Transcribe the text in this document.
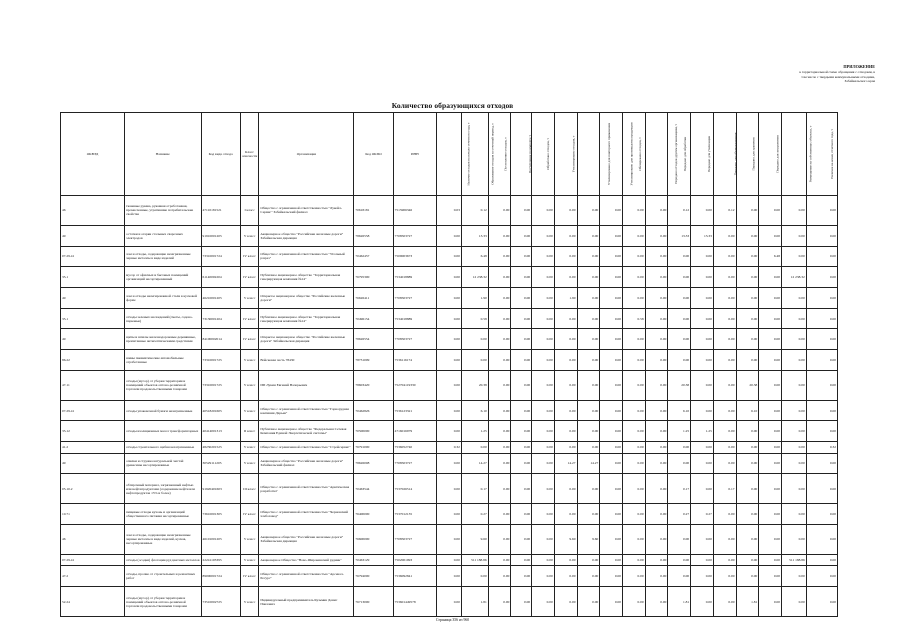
ПРИЛОЖЕНИЕ
к территориальной схеме обращения с отходами, в
том числе с твердыми коммунальными отходами,
Забайкальского края
Количество образующихся отходов
ОКВЭД	Название	Код вида отхода	Класс опасности	Организация	Код ОКПО	ИНН	Наличие отходов на начало отчетного года, т	Образование отходов за отчетный период, т	Поступление отходов, т	Поступление по импорту, т	Обработано отходов, т	Утилизировано отходов, т	Утилизировано для повторного применения	Утилизировано для производства продукции	Обезврежено отходов, т	Передано отходов другим организациям, т	Передано для обработки	Передано для утилизации	Передано для обезвреживания	Передано для хранения	Передано для захоронения	Размещение на собственных объектах, т	Наличие на конец отчетного года, т
46	тканевые рукава, рукавная отработанная, промасленные, утратившие потребительские свойства	47110181521	I класс	Общество с ограниченной ответственностью "Лукойл-Сервис" Забайкальский филиал	70618181	7515906346	0.03	0.12	0.00	0.00	0.00	0.00	0.00	0.00	0.00	0.00	0.12	0.00	0.12	0.00	0.00	0.00	0.00
49	остатки и огарки стальных сварочных электродов	91910001205	V класс	Акционерное общество "Российские железные дороги" Забайкальская дирекция	78626558	7708503727	0.00	13.33	0.00	0.00	0.00	0.00	0.00	0.00	0.00	0.00	13.33	13.33	0.00	0.00	0.00	0.00	0.00
07.29.41	лом и отходы, содержащие незагрязненные черные металлы в виде изделий	73310001724	IV класс	Общество с ограниченной ответственностью "Угольный разрез"	70462457	7509003673	0.00	6.48	0.00	0.00	0.00	0.00	0.00	0.00	0.00	0.00	0.00	0.00	0.00	0.00	6.48	0.00	0.00
35.1	мусор от офисных и бытовых помещений организаций несортированный	61140002204	IV класс	Публичное акционерное общество "Территориальная генерирующая компания №14"	76795300	7534018889	0.00	12 238.32	0.00	0.00	0.00	0.00	0.00	0.00	0.00	0.00	0.00	0.00	0.00	0.00	0.00	12 238.32	0.00
49	лом и отходы нелегированной стали в кусковой форме	46210001205	V класс	Открытое акционерное общество "Российские железные дороги"	76626411	7708503727	0.00	1.90	0.00	0.00	0.00	1.90	0.00	0.00	0.00	0.00	0.00	0.00	0.00	0.00	0.00	0.00	0.00
35.1	отходы зеленых насаждений (сметы, садово-парковые)	73130001204	IV класс	Публичное акционерное общество "Территориальная генерирующая компания №14"	70496154	7534018889	0.00	0.58	0.00	0.00	0.00	0.00	0.00	0.00	0.58	0.00	0.00	0.00	0.00	0.00	0.00	0.00	0.00
49	щиты и шпалы железнодорожные деревянные, пропитанные антисептическими средствами	84100002014	IV класс	Открытое акционерное общество "Российские железные дороги" Забайкальская дирекция	78626554	7708503727	0.00	0.00	0.00	0.00	0.00	0.00	0.00	0.00	0.00	0.00	0.00	0.00	0.00	0.00	0.00	0.00	0.00
86.22	шины пневматические автомобильные отработанные	73310001725	V класс	Войсковая часть 78430	78731009	7536116174	0.00	0.00	0.00	0.00	0.00	0.00	0.00	0.00	0.00	0.00	0.00	0.00	0.00	0.00	0.00	0.00	0.00
47.11	отходы (мусор) от уборки территории и помещений объектов оптово-розничной торговли продовольственными товарами	73310001725	V класс	ИП Лукин Евгений Валерьевич	78603420	752704119330	0.00	20.38	0.00	0.00	0.00	0.00	0.00	0.00	0.00	0.00	20.38	0.00	0.00	20.38	0.00	0.00	0.00
07.29.41	отходы упаковочной бумаги незагрязненные	40518201605	V класс	Общество с ограниченной ответственностью "Горнорудная компания Дарьев"	70462826	7536123321	0.00	6.10	0.00	0.00	0.00	0.00	0.00	0.00	0.00	0.00	6.10	0.00	0.00	6.10	0.00	0.00	0.00
35.12	отходы изоляционных масел трансформаторных	40414001313	II класс	Публичное акционерное общество "Федеральная Сетевая Компания Единой Энергетической системы"	70500000	4716016979	0.00	1.25	0.00	0.00	0.00	0.00	0.00	0.00	0.00	0.00	1.25	1.25	0.00	0.00	0.00	0.00	0.00
41.2	отходы строительного щебня незагрязненные	48230201525	V класс	Общество с ограниченной ответственностью "Стройсервис"	76791000	7536052740	0.32	0.00	0.00	0.00	0.00	0.00	0.00	0.00	0.00	0.00	0.00	0.00	0.00	0.00	0.00	0.00	0.32
49	опилки и стружка натуральной чистой древесины несортированные	30529111205	V класс	Акционерное общество "Российские железные дороги" Забайкальский филиал	78626008	7708503727	0.00	14.27	0.00	0.00	0.00	14.27	14.27	0.00	0.00	0.00	0.00	0.00	0.00	0.00	0.00	0.00	0.00
05.10.2	обтирочный материал, загрязненный нефтью или нефтепродуктами (содержание нефти или нефтепродуктов 15% и более)	91920401603	III класс	Общество с ограниченной ответственностью "Арктическая разработка"	70463544	7537026514	0.00	0.17	0.00	0.00	0.00	0.00	0.00	0.00	0.00	0.00	0.17	0.00	0.17	0.00	0.00	0.00	0.00
10.71	пищевые отходы кухонь и организаций общественного питания несортированные	73610001305	IV класс	Общество с ограниченной ответственностью "Черновский хлебозавод"	76400000	7537012135	0.00	0.27	0.00	0.00	0.00	0.00	0.00	0.00	0.00	0.00	0.27	0.27	0.00	0.00	0.00	0.00	0.00
46	лом и отходы, содержащие незагрязненные черные металлы в виде изделий, кусков, несортированные	46101001205	V класс	Акционерное общество "Российские железные дороги" Забайкальская дирекция	76600000	7708503727	0.00	9.60	0.00	0.00	0.00	9.60	9.60	0.00	0.00	0.00	0.00	0.00	0.00	0.00	0.00	0.00	0.00
07.29.41	отходы (осадки) флотации руд цветных металлов	22241103395	V класс	Акционерное Общество "Ново-Широкинский рудник"	70463129	7502001993	0.00	511 188.86	0.00	0.00	0.00	0.00	0.00	0.00	0.00	0.00	0.00	0.00	0.00	0.00	0.00	511 188.86	0.00
47.2	отходы, прочие от строительных и ремонтных работ	89000001724	IV класс	Общество с ограниченной ответственностью "Арсенал-Ресурс"	76794000	7536092841	0.00	0.00	0.00	0.00	0.00	0.00	0.00	0.00	0.00	0.00	0.00	0.00	0.00	0.00	0.00	0.00	0.00
52.24	отходы (мусор) от уборки территории и помещений объектов оптово-розничной торговли продовольственными товарами	73510002725	V класс	Индивидуальный предприниматель Кузьмин Денис Павлович	76713000	753601449578	0.00	1.81	0.00	0.00	0.00	0.00	0.00	0.00	0.00	0.00	1.81	0.00	0.00	1.81	0.00	0.00	0.00
Страница 356 из 960
